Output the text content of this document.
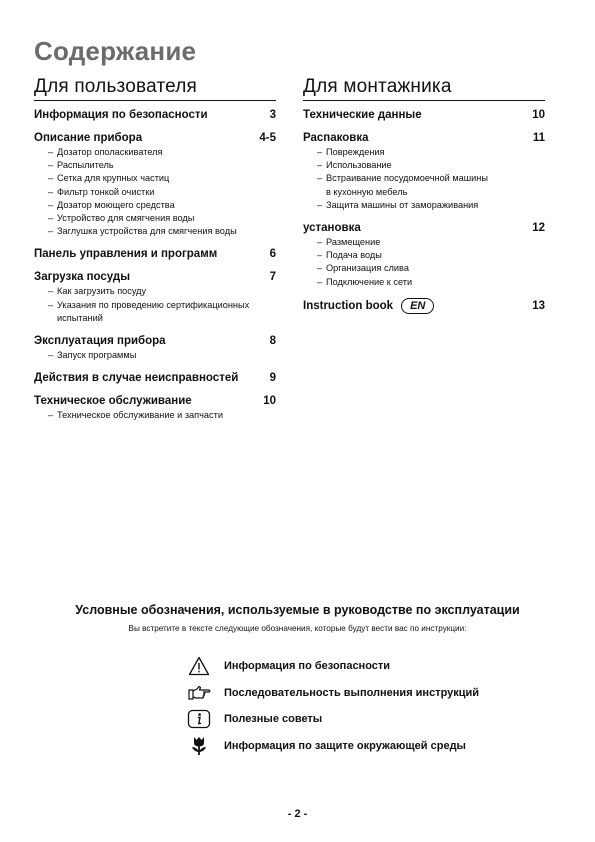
Содержание
Для пользователя
Информация по безопасности	3
Описание прибора	4-5
– Дозатор ополаскивателя
– Распылитель
– Сетка для крупных частиц
– Фильтр тонкой очистки
– Дозатор моющего средства
– Устройство для смягчения воды
– Заглушка устройства для смягчения воды
Панель управления и программ	6
Загрузка посуды	7
– Как загрузить посуду
– Указания по проведению сертификационных испытаний
Эксплуатация прибора	8
– Запуск программы
Действия в случае неисправностей	9
Техническое обслуживание	10
– Техническое обслуживание и запчасти
Для монтажника
Технические данные	10
Распаковка	11
– Повреждения
– Использование
– Встраивание посудомоечной машины
в кухонную мебель
– Защита машины от замораживания
установка	12
– Размещение
– Подача воды
– Организация слива
– Подключение к сети
Instruction book	EN	13
Условные обозначения, используемые в руководстве по эксплуатации
Вы встретите в тексте следующие обозначения, которые будут вести вас по инструкции:
Информация по безопасности
Последовательность выполнения инструкций
Полезные советы
Информация по защите окружающей среды
- 2 -
